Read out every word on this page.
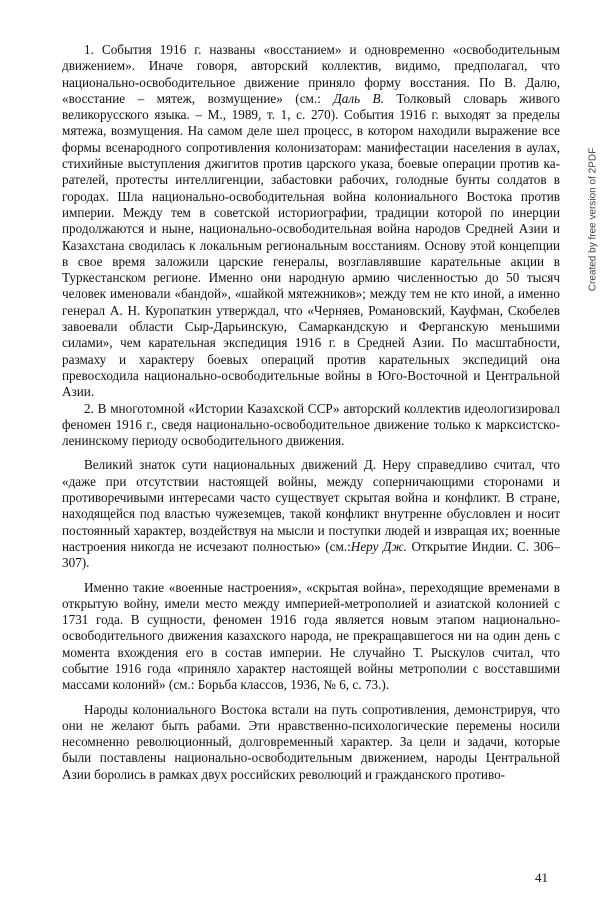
1. События 1916 г. названы «восстанием» и одновременно «освободительным движением». Иначе говоря, авторский коллектив, видимо, предполагал, что национально-освободительное движение приняло форму восстания. По В. Далю, «восстание – мятеж, возмущение» (см.: Даль В. Толковый словарь живого великорусского языка. – М., 1989, т. 1, с. 270). События 1916 г. выходят за пределы мятежа, возмущения. На самом деле шел процесс, в котором находили выражение все формы всенародного сопротивления колонизаторам: манифестации населения в аулах, стихийные выступления джигитов против царского указа, боевые операции против карателей, протесты интеллигенции, забастовки рабочих, голодные бунты солдатов в городах. Шла национально-освободительная война колониального Востока против империи. Между тем в советской историографии, традиции которой по инерции продолжаются и ныне, национально-освободительная война народов Средней Азии и Казахстана сводилась к локальным региональным восстаниям. Основу этой концепции в свое время заложили царские генералы, возглавлявшие карательные акции в Туркестанском регионе. Именно они народную армию численностью до 50 тысяч человек именовали «бандой», «шайкой мятежников»; между тем не кто иной, а именно генерал А. Н. Куропаткин утверждал, что «Черняев, Романовский, Кауфман, Скобелев завоевали области Сыр-Дарьинскую, Самаркандскую и Ферганскую меньшими силами», чем карательная экспедиция 1916 г. в Средней Азии. По масштабности, размаху и характеру боевых операций против карательных экспедиций она превосходила национально-освободительные войны в Юго-Восточной и Центральной Азии.

2. В многотомной «Истории Казахской ССР» авторский коллектив идеологизировал феномен 1916 г., сведя национально-освободительное движение только к марксистско-ленинскому периоду освободительного движения.

Великий знаток сути национальных движений Д. Неру справедливо считал, что «даже при отсутствии настоящей войны, между соперничающими сторонами и противоречивыми интересами часто существует скрытая война и конфликт. В стране, находящейся под властью чужеземцев, такой конфликт внутренне обусловлен и носит постоянный характер, воздействуя на мысли и поступки людей и извращая их; военные настроения никогда не исчезают полностью» (см.:Неру Дж. Открытие Индии. С. 306–307).

Именно такие «военные настроения», «скрытая война», переходящие временами в открытую войну, имели место между империей-метрополией и азиатской колонией с 1731 года. В сущности, феномен 1916 года является новым этапом национально-освободительного движения казахского народа, не прекращавшегося ни на один день с момента вхождения его в состав империи. Не случайно Т. Рыскулов считал, что событие 1916 года «приняло характер настоящей войны метрополии с восставшими массами колоний» (см.: Борьба классов, 1936, № 6, с. 73.).

Народы колониального Востока встали на путь сопротивления, демонстрируя, что они не желают быть рабами. Эти нравственно-психологические перемены носили несомненно революционный, долговременный характер. За цели и задачи, которые были поставлены национально-освободительным движением, народы Центральной Азии боролись в рамках двух российских революций и гражданского противо-

Created by free version of 2PDF
41
